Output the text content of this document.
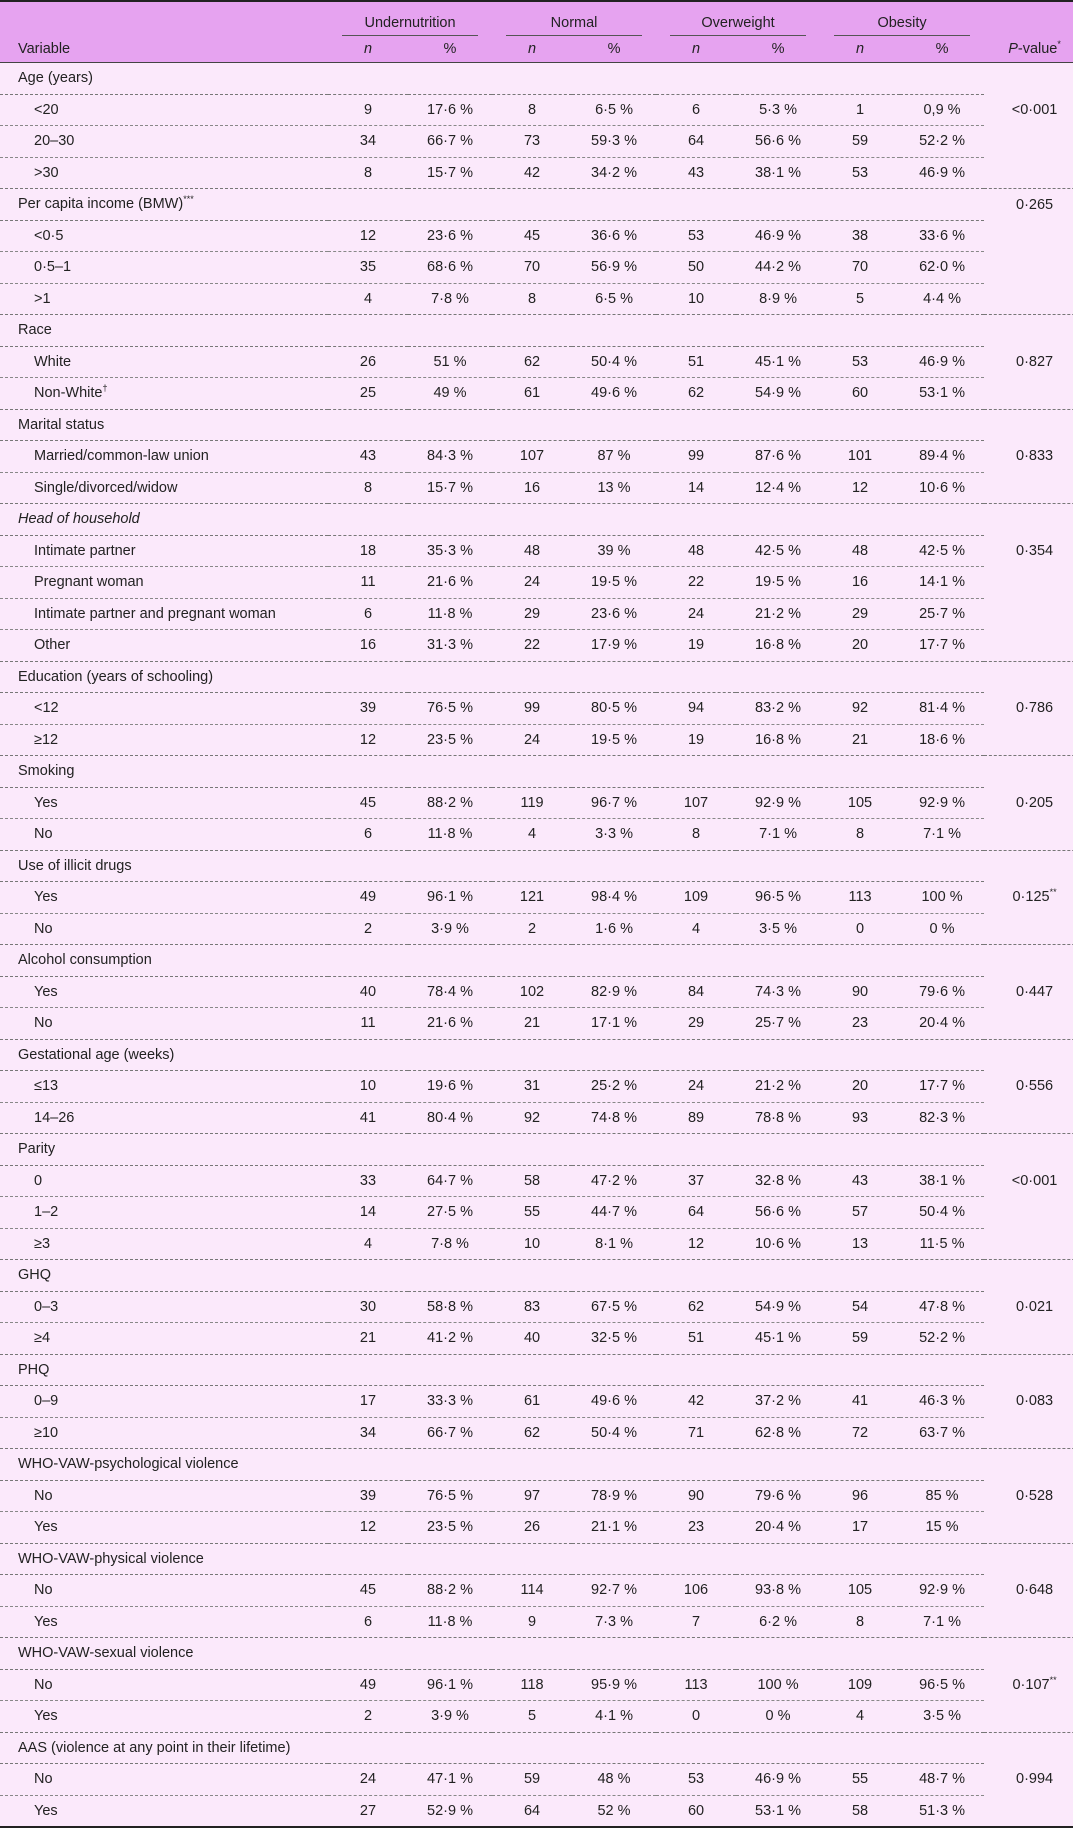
	Undernutrition		Normal		Overweight		Obesity		

Variable	n	%	n	%	n	%	n	%	P-value*
Age (years)									
<20	9	17·6 %	8	6·5 %	6	5·3 %	1	0,9 %	<0·001
20–30	34	66·7 %	73	59·3 %	64	56·6 %	59	52·2 %	
>30	8	15·7 %	42	34·2 %	43	38·1 %	53	46·9 %	
Per capita income (BMW)***									0·265
<0·5	12	23·6 %	45	36·6 %	53	46·9 %	38	33·6 %	
0·5–1	35	68·6 %	70	56·9 %	50	44·2 %	70	62·0 %	
>1	4	7·8 %	8	6·5 %	10	8·9 %	5	4·4 %	
Race									
White	26	51 %	62	50·4 %	51	45·1 %	53	46·9 %	0·827
Non-White†	25	49 %	61	49·6 %	62	54·9 %	60	53·1 %	
Marital status									
Married/common-law union	43	84·3 %	107	87 %	99	87·6 %	101	89·4 %	0·833
Single/divorced/widow	8	15·7 %	16	13 %	14	12·4 %	12	10·6 %	
Head of household									
Intimate partner	18	35·3 %	48	39 %	48	42·5 %	48	42·5 %	0·354
Pregnant woman	11	21·6 %	24	19·5 %	22	19·5 %	16	14·1 %	
Intimate partner and pregnant woman	6	11·8 %	29	23·6 %	24	21·2 %	29	25·7 %	
Other	16	31·3 %	22	17·9 %	19	16·8 %	20	17·7 %	
Education (years of schooling)									
<12	39	76·5 %	99	80·5 %	94	83·2 %	92	81·4 %	0·786
≥12	12	23·5 %	24	19·5 %	19	16·8 %	21	18·6 %	
Smoking									
Yes	45	88·2 %	119	96·7 %	107	92·9 %	105	92·9 %	0·205
No	6	11·8 %	4	3·3 %	8	7·1 %	8	7·1 %	
Use of illicit drugs									
Yes	49	96·1 %	121	98·4 %	109	96·5 %	113	100 %	0·125**
No	2	3·9 %	2	1·6 %	4	3·5 %	0	0 %	
Alcohol consumption									
Yes	40	78·4 %	102	82·9 %	84	74·3 %	90	79·6 %	0·447
No	11	21·6 %	21	17·1 %	29	25·7 %	23	20·4 %	
Gestational age (weeks)									
≤13	10	19·6 %	31	25·2 %	24	21·2 %	20	17·7 %	0·556
14–26	41	80·4 %	92	74·8 %	89	78·8 %	93	82·3 %	
Parity									
0	33	64·7 %	58	47·2 %	37	32·8 %	43	38·1 %	<0·001
1–2	14	27·5 %	55	44·7 %	64	56·6 %	57	50·4 %	
≥3	4	7·8 %	10	8·1 %	12	10·6 %	13	11·5 %	
GHQ									
0–3	30	58·8 %	83	67·5 %	62	54·9 %	54	47·8 %	0·021
≥4	21	41·2 %	40	32·5 %	51	45·1 %	59	52·2 %	
PHQ									
0–9	17	33·3 %	61	49·6 %	42	37·2 %	41	46·3 %	0·083
≥10	34	66·7 %	62	50·4 %	71	62·8 %	72	63·7 %	
WHO-VAW-psychological violence									
No	39	76·5 %	97	78·9 %	90	79·6 %	96	85 %	0·528
Yes	12	23·5 %	26	21·1 %	23	20·4 %	17	15 %	
WHO-VAW-physical violence									
No	45	88·2 %	114	92·7 %	106	93·8 %	105	92·9 %	0·648
Yes	6	11·8 %	9	7·3 %	7	6·2 %	8	7·1 %	
WHO-VAW-sexual violence									
No	49	96·1 %	118	95·9 %	113	100 %	109	96·5 %	0·107**
Yes	2	3·9 %	5	4·1 %	0	0 %	4	3·5 %	
AAS (violence at any point in their lifetime)									
No	24	47·1 %	59	48 %	53	46·9 %	55	48·7 %	0·994
Yes	27	52·9 %	64	52 %	60	53·1 %	58	51·3 %	
